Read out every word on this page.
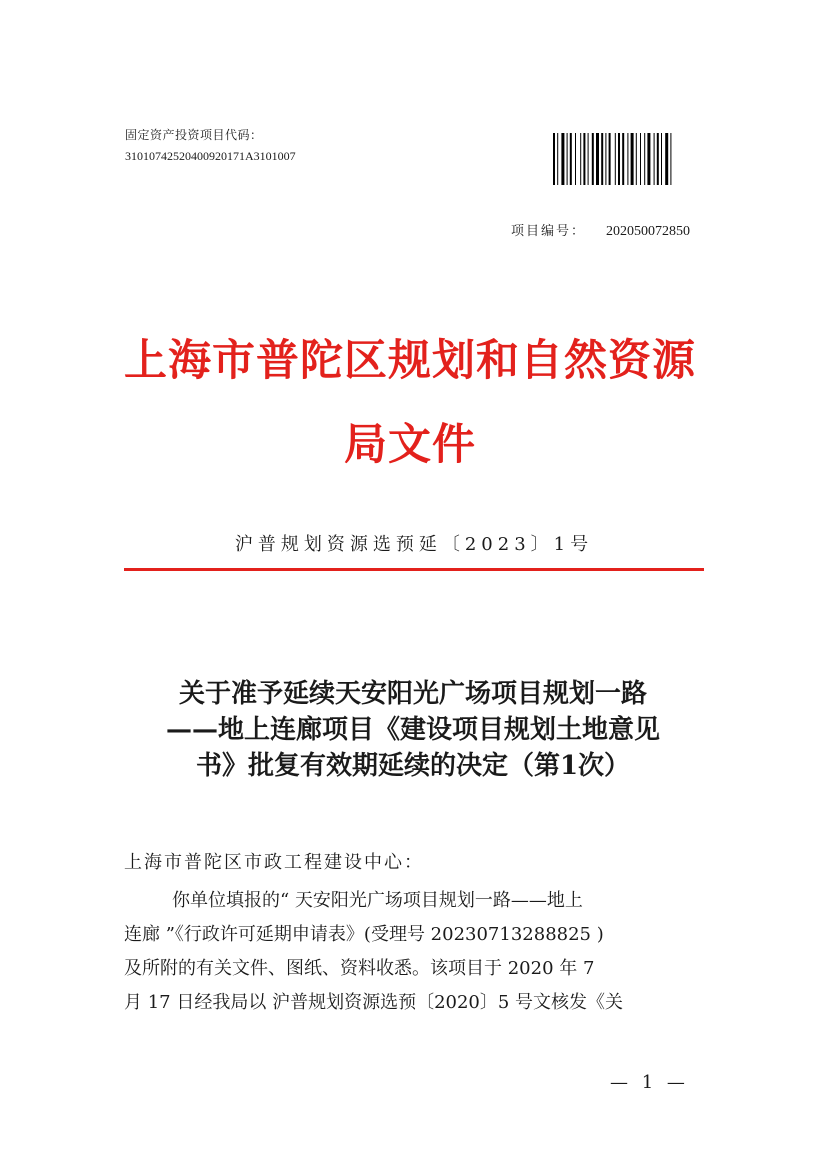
固定资产投资项目代码：
31010742520400920171A3101007
项目编号： 202050072850
上海市普陀区规划和自然资源
局文件
沪普规划资源选预延〔2023〕1号
关于准予延续天安阳光广场项目规划一路
——地上连廊项目《建设项目规划土地意见
书》批复有效期延续的决定（第1次）
上海市普陀区市政工程建设中心：
你单位填报的“ 天安阳光广场项目规划一路——地上
连廊 ”《行政许可延期申请表》(受理号 20230713288825 )
及所附的有关文件、图纸、资料收悉。该项目于 2020 年 7
月 17 日经我局以 沪普规划资源选预〔2020〕5 号文核发《关
— 1 —
